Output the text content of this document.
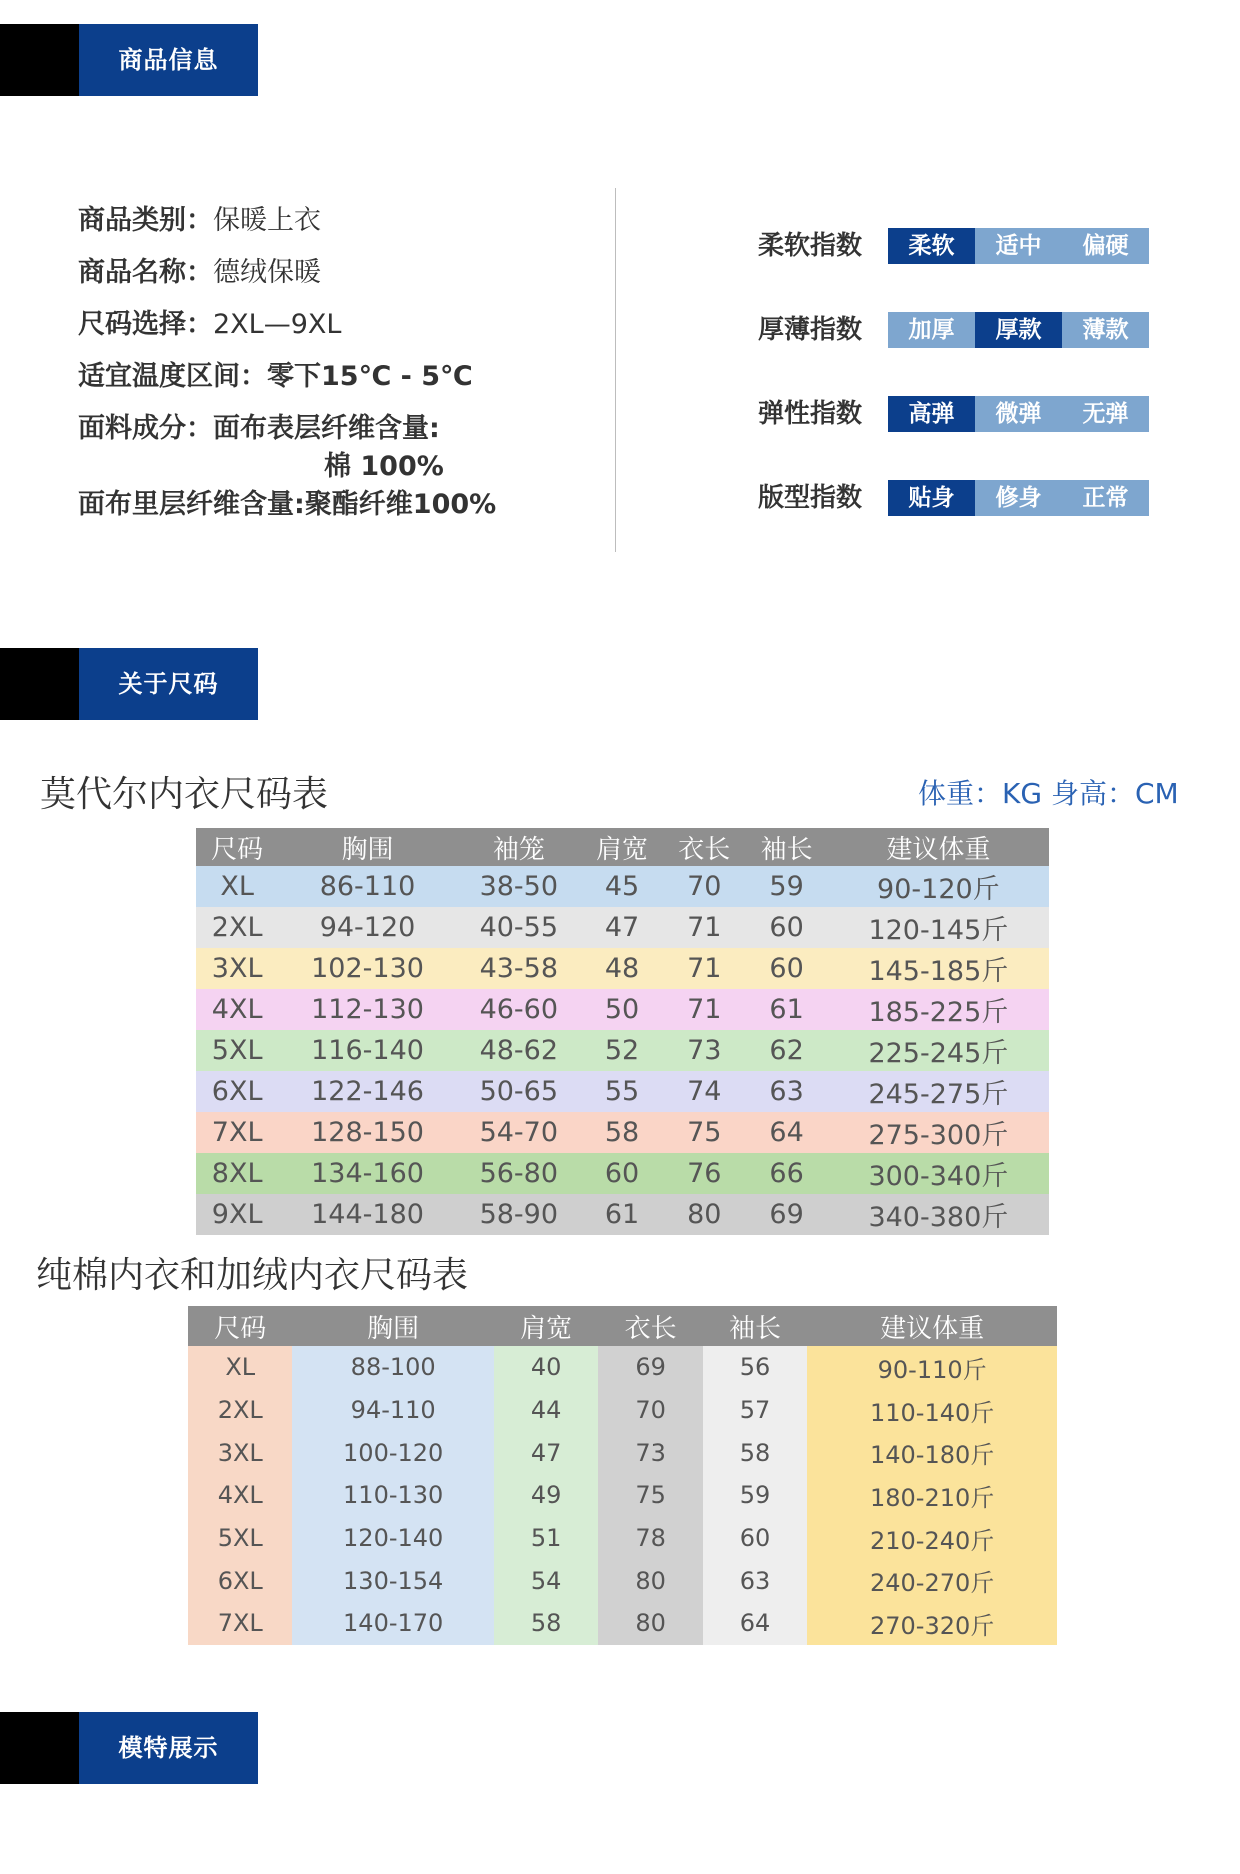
商品信息
商品类别：保暖上衣
商品名称：德绒保暖
尺码选择：2XL—9XL
适宜温度区间：零下15℃ - 5℃
面料成分：面布表层纤维含量:
棉 100%
面布里层纤维含量:聚酯纤维100%
柔软指数	柔软	适中	偏硬
厚薄指数	加厚	厚款	薄款
弹性指数	高弹	微弹	无弹
版型指数	贴身	修身	正常
关于尺码
莫代尔内衣尺码表	体重：KG 身高：CM
尺码	胸围	袖笼	肩宽	衣长	袖长	建议体重
XL	86-110	38-50	45	70	59	90-120斤
2XL	94-120	40-55	47	71	60	120-145斤
3XL	102-130	43-58	48	71	60	145-185斤
4XL	112-130	46-60	50	71	61	185-225斤
5XL	116-140	48-62	52	73	62	225-245斤
6XL	122-146	50-65	55	74	63	245-275斤
7XL	128-150	54-70	58	75	64	275-300斤
8XL	134-160	56-80	60	76	66	300-340斤
9XL	144-180	58-90	61	80	69	340-380斤
纯棉内衣和加绒内衣尺码表
尺码	胸围	肩宽	衣长	袖长	建议体重
XL	88-100	40	69	56	90-110斤
2XL	94-110	44	70	57	110-140斤
3XL	100-120	47	73	58	140-180斤
4XL	110-130	49	75	59	180-210斤
5XL	120-140	51	78	60	210-240斤
6XL	130-154	54	80	63	240-270斤
7XL	140-170	58	80	64	270-320斤
模特展示
